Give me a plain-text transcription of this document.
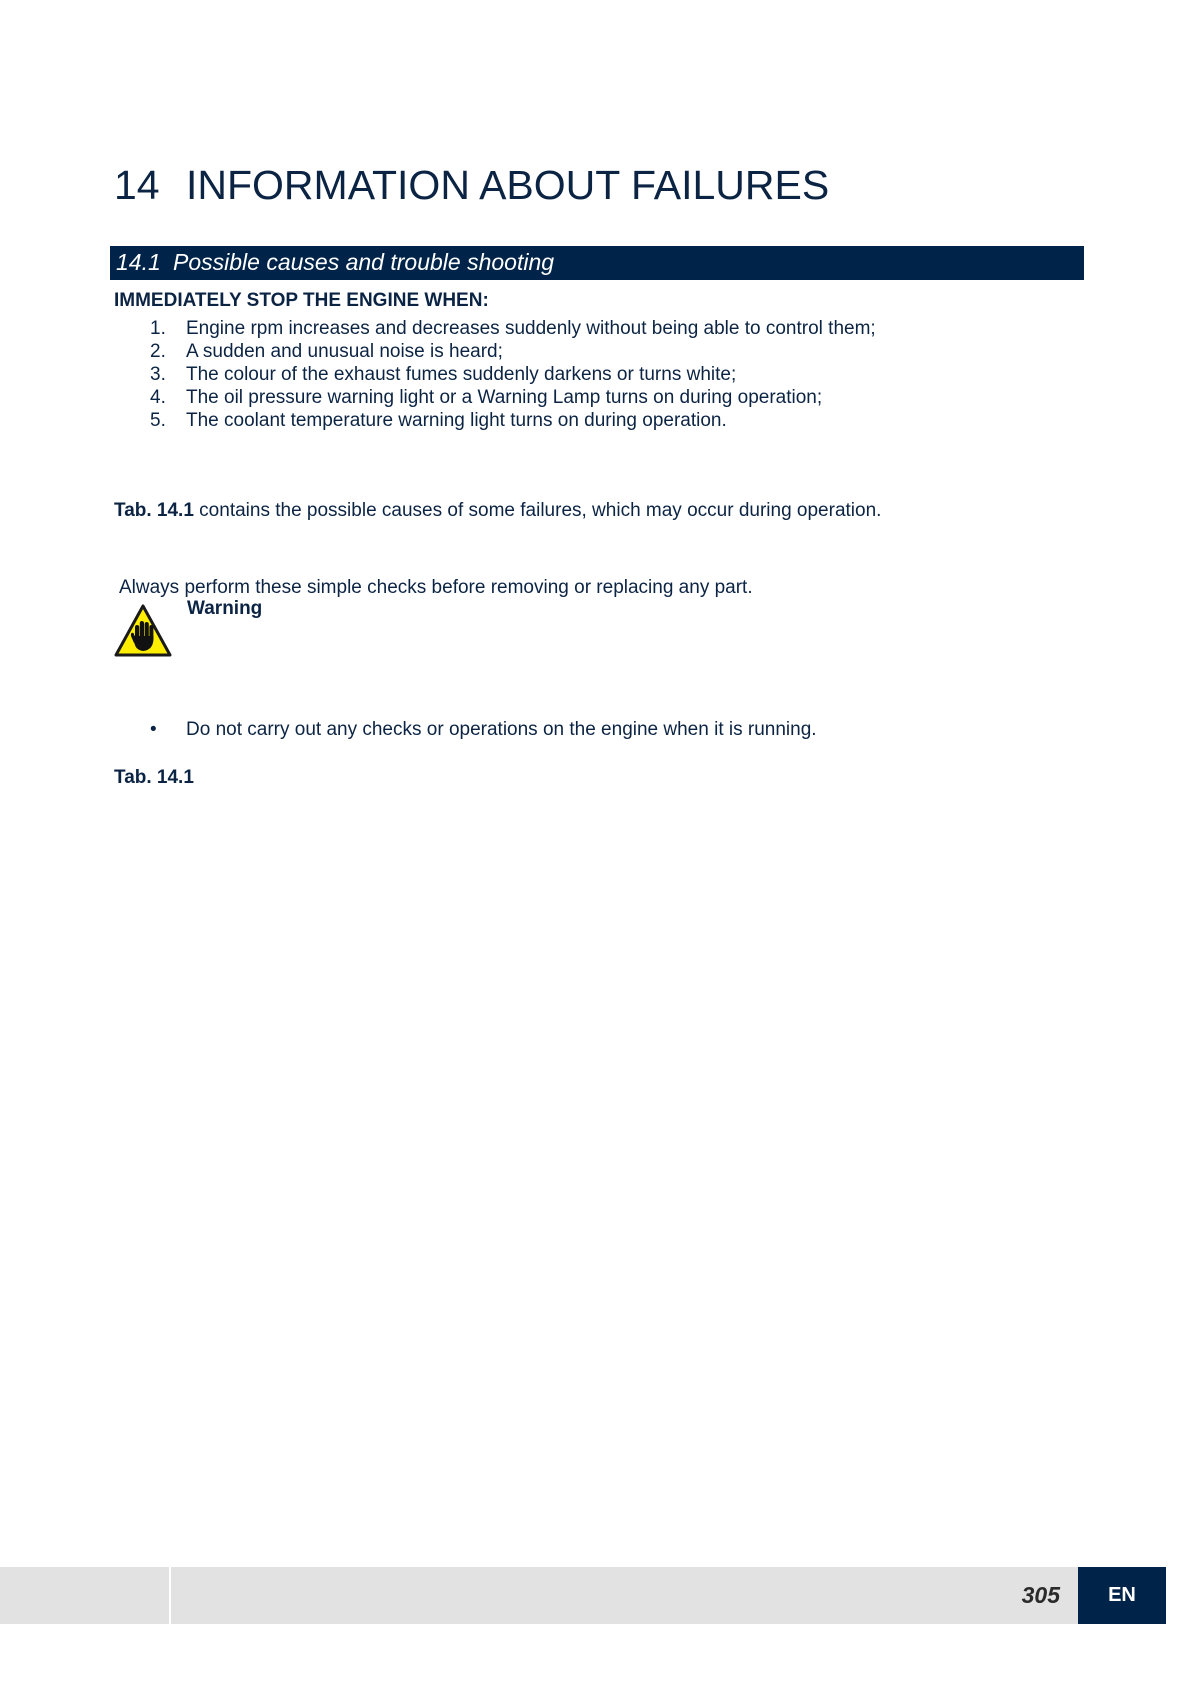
14 INFORMATION ABOUT FAILURES
14.1 Possible causes and trouble shooting
IMMEDIATELY STOP THE ENGINE WHEN:
1. Engine rpm increases and decreases suddenly without being able to control them;
2. A sudden and unusual noise is heard;
3. The colour of the exhaust fumes suddenly darkens or turns white;
4. The oil pressure warning light or a Warning Lamp turns on during operation;
5. The coolant temperature warning light turns on during operation.
Tab. 14.1 contains the possible causes of some failures, which may occur during operation.
Always perform these simple checks before removing or replacing any part.
Warning
• Do not carry out any checks or operations on the engine when it is running.
Tab. 14.1
305	EN
